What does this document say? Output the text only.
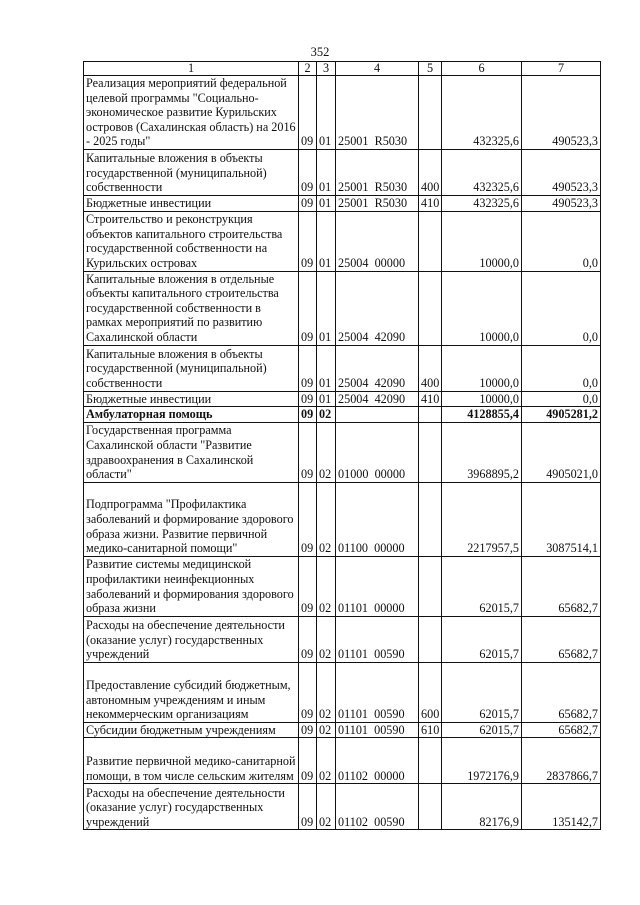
352
1	2	3	4	5	6	7
Реализация мероприятий федеральной целевой программы "Социально-экономическое развитие Курильских островов (Сахалинская область) на 2016 - 2025 годы"	09	01	25001  R5030		432325,6	490523,3
Капитальные вложения в объекты государственной (муниципальной) собственности	09	01	25001  R5030	400	432325,6	490523,3
Бюджетные инвестиции	09	01	25001  R5030	410	432325,6	490523,3
Строительство и реконструкция объектов капитального строительства государственной собственности на Курильских островах	09	01	25004  00000		10000,0	0,0
Капитальные вложения в отдельные объекты капитального строительства государственной собственности в рамках мероприятий по развитию Сахалинской области	09	01	25004  42090		10000,0	0,0
Капитальные вложения в объекты государственной (муниципальной) собственности	09	01	25004  42090	400	10000,0	0,0
Бюджетные инвестиции	09	01	25004  42090	410	10000,0	0,0
Амбулаторная помощь	09	02			4128855,4	4905281,2
Государственная программа Сахалинской области "Развитие здравоохранения в Сахалинской области"	09	02	01000  00000		3968895,2	4905021,0
Подпрограмма "Профилактика заболеваний и формирование здорового образа жизни. Развитие первичной медико-санитарной помощи"	09	02	01100  00000		2217957,5	3087514,1
Развитие системы медицинской профилактики неинфекционных заболеваний и формирования здорового образа жизни	09	02	01101  00000		62015,7	65682,7
Расходы на обеспечение деятельности (оказание услуг) государственных учреждений	09	02	01101  00590		62015,7	65682,7
Предоставление субсидий бюджетным, автономным учреждениям и иным некоммерческим организациям	09	02	01101  00590	600	62015,7	65682,7
Субсидии бюджетным учреждениям	09	02	01101  00590	610	62015,7	65682,7
Развитие первичной медико-санитарной помощи, в том числе сельским жителям	09	02	01102  00000		1972176,9	2837866,7
Расходы на обеспечение деятельности (оказание услуг) государственных учреждений	09	02	01102  00590		82176,9	135142,7
